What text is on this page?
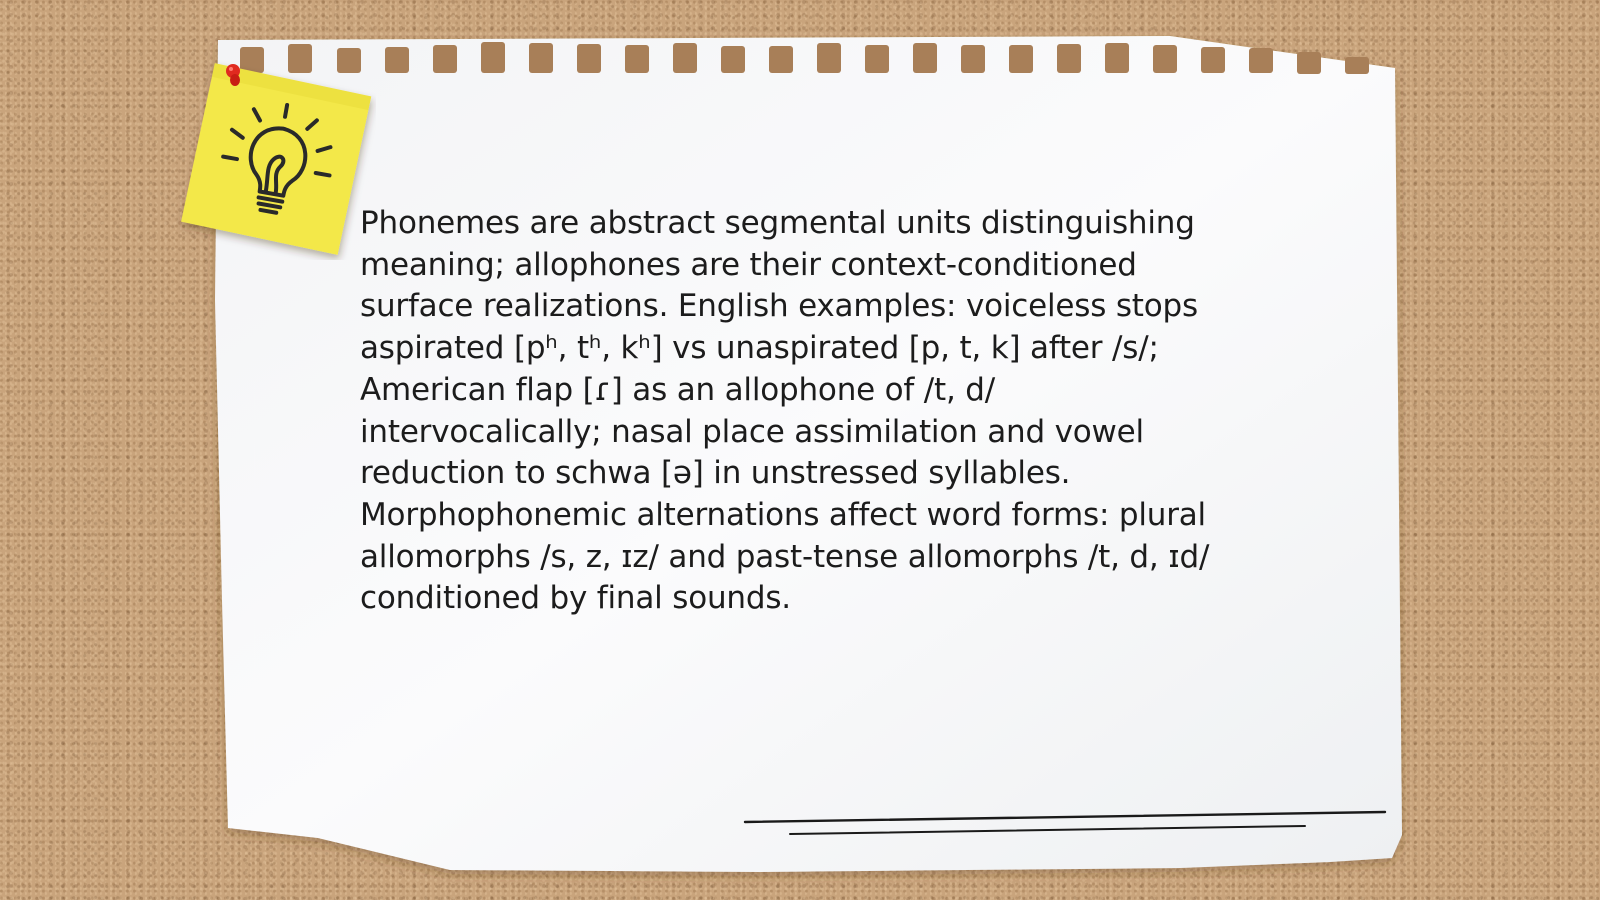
Phonemes are abstract segmental units distinguishing meaning; allophones are their context-conditioned surface realizations. English examples: voiceless stops aspirated [pʰ, tʰ, kʰ] vs unaspirated [p, t, k] after /s/; American flap [ɾ] as an allophone of /t, d/ intervocalically; nasal place assimilation and vowel reduction to schwa [ə] in unstressed syllables. Morphophonemic alternations affect word forms: plural allomorphs /s, z, ɪz/ and past-tense allomorphs /t, d, ɪd/ conditioned by final sounds.
